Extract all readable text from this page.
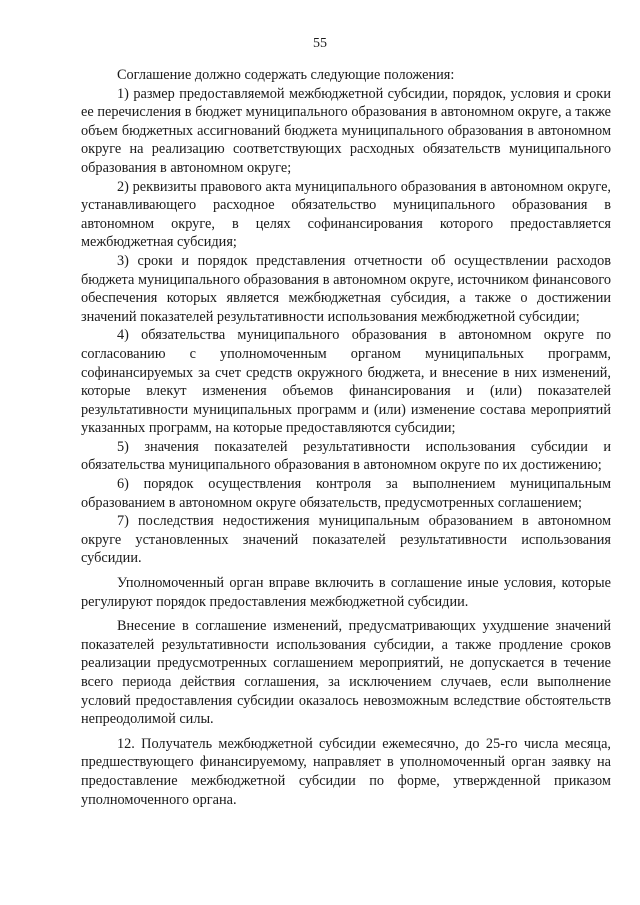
55

Соглашение должно содержать следующие положения:

1) размер предоставляемой межбюджетной субсидии, порядок, условия и сроки ее перечисления в бюджет муниципального образования в автономном округе, а также объем бюджетных ассигнований бюджета муниципального образования в автономном округе на реализацию соответствующих расходных обязательств муниципального образования в автономном округе;

2) реквизиты правового акта муниципального образования в автономном округе, устанавливающего расходное обязательство муниципального образования в автономном округе, в целях софинансирования которого предоставляется межбюджетная субсидия;

3) сроки и порядок представления отчетности об осуществлении расходов бюджета муниципального образования в автономном округе, источником финансового обеспечения которых является межбюджетная субсидия, а также о достижении значений показателей результативности использования межбюджетной субсидии;

4) обязательства муниципального образования в автономном округе по согласованию с уполномоченным органом муниципальных программ, софинансируемых за счет средств окружного бюджета, и внесение в них изменений, которые влекут изменения объемов финансирования и (или) показателей результативности муниципальных программ и (или) изменение состава мероприятий указанных программ, на которые предоставляются субсидии;

5) значения показателей результативности использования субсидии и обязательства муниципального образования в автономном округе по их достижению;

6) порядок осуществления контроля за выполнением муниципальным образованием в автономном округе обязательств, предусмотренных соглашением;

7) последствия недостижения муниципальным образованием в автономном округе установленных значений показателей результативности использования субсидии.

Уполномоченный орган вправе включить в соглашение иные условия, которые регулируют порядок предоставления межбюджетной субсидии.

Внесение в соглашение изменений, предусматривающих ухудшение значений показателей результативности использования субсидии, а также продление сроков реализации предусмотренных соглашением мероприятий, не допускается в течение всего периода действия соглашения, за исключением случаев, если выполнение условий предоставления субсидии оказалось невозможным вследствие обстоятельств непреодолимой силы.

12. Получатель межбюджетной субсидии ежемесячно, до 25-го числа месяца, предшествующего финансируемому, направляет в уполномоченный орган заявку на предоставление межбюджетной субсидии по форме, утвержденной приказом уполномоченного органа.
